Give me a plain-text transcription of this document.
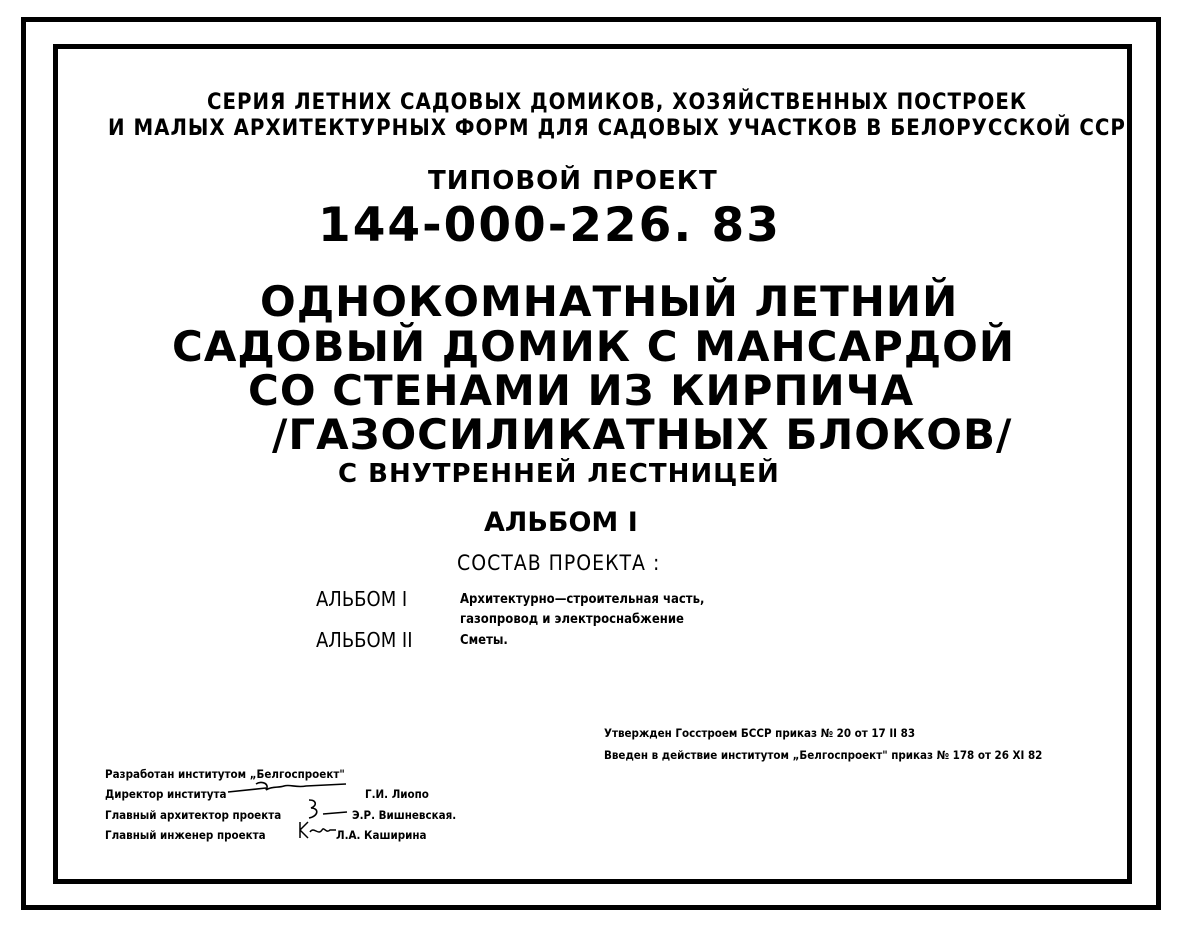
СЕРИЯ ЛЕТНИХ САДОВЫХ ДОМИКОВ, ХОЗЯЙСТВЕННЫХ ПОСТРОЕК
И МАЛЫХ АРХИТЕКТУРНЫХ ФОРМ ДЛЯ САДОВЫХ УЧАСТКОВ В БЕЛОРУССКОЙ ССР
ТИПОВОЙ ПРОЕКТ
144-000-226. 83
ОДНОКОМНАТНЫЙ ЛЕТНИЙ
САДОВЫЙ ДОМИК С МАНСАРДОЙ
СО СТЕНАМИ ИЗ КИРПИЧА
/ГАЗОСИЛИКАТНЫХ БЛОКОВ/
С ВНУТРЕННЕЙ ЛЕСТНИЦЕЙ
АЛЬБОМ I
СОСТАВ ПРОЕКТА :
АЛЬБОМ I	Архитектурно—строительная часть,
газопровод и электроснабжение
АЛЬБОМ II	Сметы.
Утвержден Госстроем БССР приказ № 20 от 17 II 83
Введен в действие институтом „Белгоспроект" приказ № 178 от 26 XI 82
Разработан институтом „Белгоспроект"
Директор института	Г.И. Лиопо
Главный архитектор проекта	Э.Р. Вишневская.
Главный инженер проекта	Л.А. Каширина
